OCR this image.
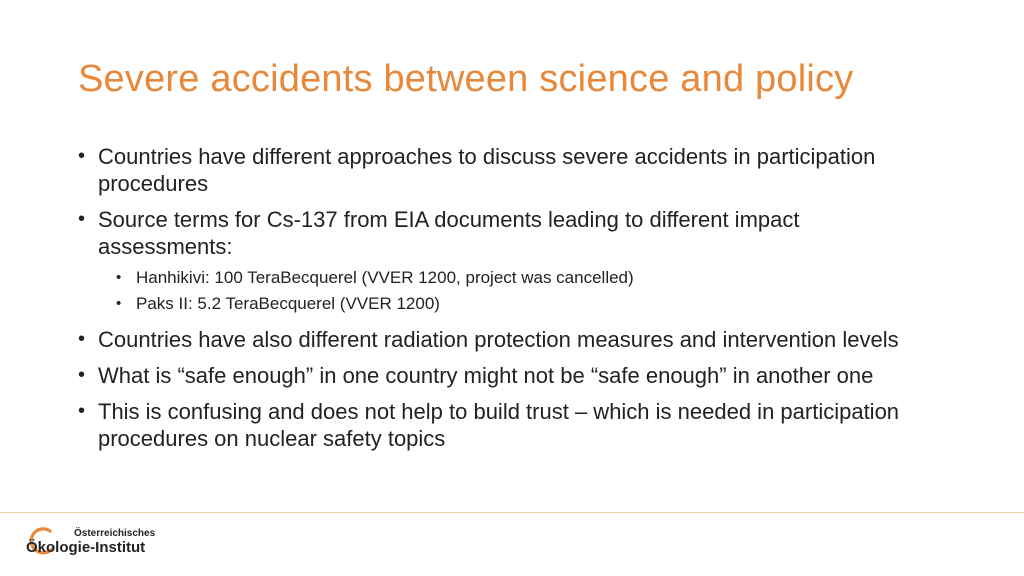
Severe accidents between science and policy
• Countries have different approaches to discuss severe accidents in participation procedures
• Source terms for Cs-137 from EIA documents leading to different impact assessments:
• Hanhikivi: 100 TeraBecquerel (VVER 1200, project was cancelled)
• Paks II: 5.2 TeraBecquerel (VVER 1200)
• Countries have also different radiation protection measures and intervention levels
• What is “safe enough” in one country might not be “safe enough” in another one
• This is confusing and does not help to build trust – which is needed in participation procedures on nuclear safety topics
Österreichisches
Ökologie-Institut
